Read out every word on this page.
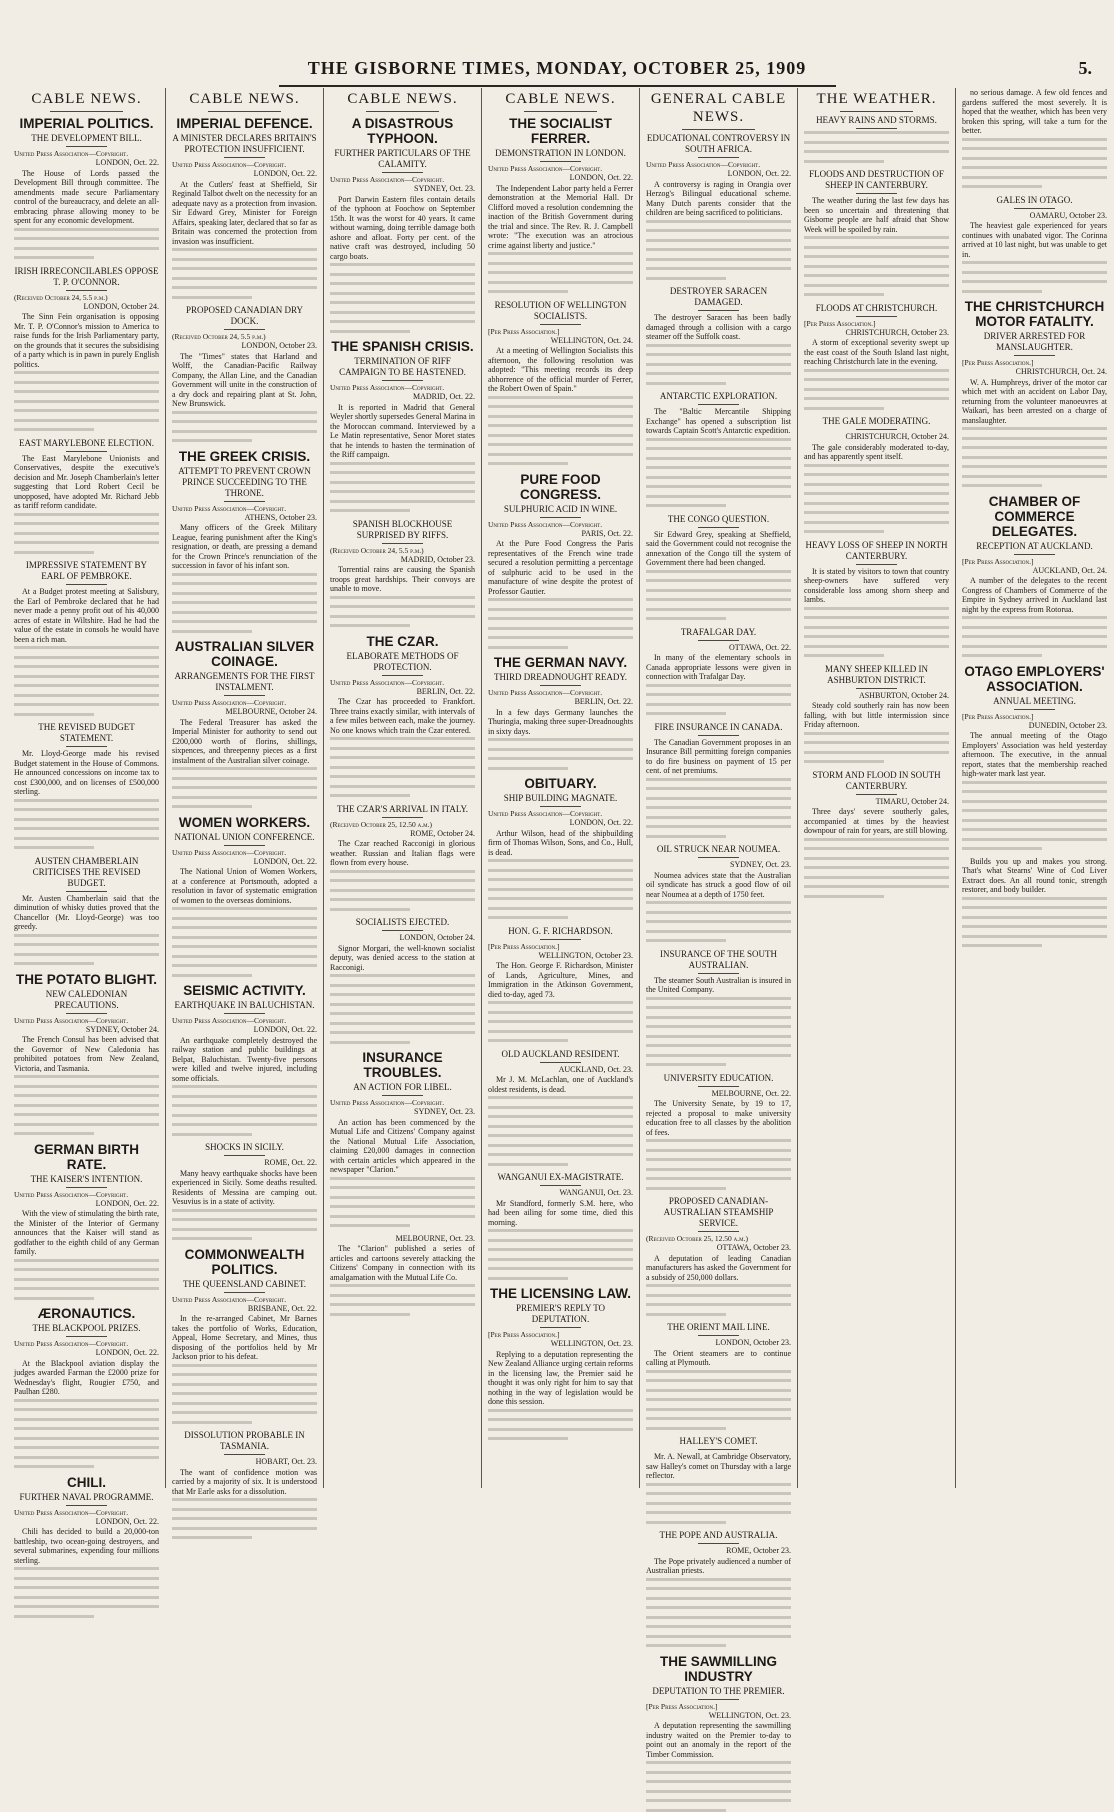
THE GISBORNE TIMES, MONDAY, OCTOBER 25, 1909	5.
CABLE NEWS.
IMPERIAL POLITICS.
THE DEVELOPMENT BILL.
United Press Association—Copyright.
LONDON, Oct. 22.
The House of Lords passed the Development Bill through committee. The amendments made secure Parliamentary control of the bureaucracy, and delete an all-embracing phrase allowing money to be spent for any economic development.
IRISH IRRECONCILABLES OPPOSE T. P. O'CONNOR.
(Received October 24, 5.5 p.m.)
LONDON, October 24.
The Sinn Fein organisation is opposing Mr. T. P. O'Connor's mission to America to raise funds for the Irish Parliamentary party, on the grounds that it secures the subsidising of a party which is in pawn in purely English politics.
EAST MARYLEBONE ELECTION.
The East Marylebone Unionists and Conservatives, despite the executive's decision and Mr. Joseph Chamberlain's letter suggesting that Lord Robert Cecil be unopposed, have adopted Mr. Richard Jebb as tariff reform candidate.
IMPRESSIVE STATEMENT BY EARL OF PEMBROKE.
At a Budget protest meeting at Salisbury, the Earl of Pembroke declared that he had never made a penny profit out of his 40,000 acres of estate in Wiltshire. Had he had the value of the estate in consols he would have been a rich man.
THE REVISED BUDGET STATEMENT.
Mr. Lloyd-George made his revised Budget statement in the House of Commons. He announced concessions on income tax to cost £300,000, and on licenses of £500,000 sterling.
AUSTEN CHAMBERLAIN CRITICISES THE REVISED BUDGET.
Mr. Austen Chamberlain said that the diminution of whisky duties proved that the Chancellor (Mr. Lloyd-George) was too greedy.
THE POTATO BLIGHT.
NEW CALEDONIAN PRECAUTIONS.
United Press Association—Copyright.
SYDNEY, October 24.
The French Consul has been advised that the Governor of New Caledonia has prohibited potatoes from New Zealand, Victoria, and Tasmania.
GERMAN BIRTH RATE.
THE KAISER'S INTENTION.
United Press Association—Copyright.
LONDON, Oct. 22.
With the view of stimulating the birth rate, the Minister of the Interior of Germany announces that the Kaiser will stand as godfather to the eighth child of any German family.
ÆRONAUTICS.
THE BLACKPOOL PRIZES.
United Press Association—Copyright.
LONDON, Oct. 22.
At the Blackpool aviation display the judges awarded Farman the £2000 prize for Wednesday's flight, Rougier £750, and Paulhan £280.
CHILI.
FURTHER NAVAL PROGRAMME.
United Press Association—Copyright.
LONDON, Oct. 22.
Chili has decided to build a 20,000-ton battleship, two ocean-going destroyers, and several submarines, expending four millions sterling.
CABLE NEWS.
IMPERIAL DEFENCE.
A MINISTER DECLARES BRITAIN'S PROTECTION INSUFFICIENT.
United Press Association—Copyright.
LONDON, Oct. 22.
At the Cutlers' feast at Sheffield, Sir Reginald Talbot dwelt on the necessity for an adequate navy as a protection from invasion. Sir Edward Grey, Minister for Foreign Affairs, speaking later, declared that so far as Britain was concerned the protection from invasion was insufficient.
PROPOSED CANADIAN DRY DOCK.
(Received October 24, 5.5 p.m.)
LONDON, October 23.
The "Times" states that Harland and Wolff, the Canadian-Pacific Railway Company, the Allan Line, and the Canadian Government will unite in the construction of a dry dock and repairing plant at St. John, New Brunswick.
THE GREEK CRISIS.
ATTEMPT TO PREVENT CROWN PRINCE SUCCEEDING TO THE THRONE.
United Press Association—Copyright.
ATHENS, October 23.
Many officers of the Greek Military League, fearing punishment after the King's resignation, or death, are pressing a demand for the Crown Prince's renunciation of the succession in favor of his infant son.
AUSTRALIAN SILVER COINAGE.
ARRANGEMENTS FOR THE FIRST INSTALMENT.
United Press Association—Copyright.
MELBOURNE, October 24.
The Federal Treasurer has asked the Imperial Minister for authority to send out £200,000 worth of florins, shillings, sixpences, and threepenny pieces as a first instalment of the Australian silver coinage.
WOMEN WORKERS.
NATIONAL UNION CONFERENCE.
United Press Association—Copyright.
LONDON, Oct. 22.
The National Union of Women Workers, at a conference at Portsmouth, adopted a resolution in favor of systematic emigration of women to the overseas dominions.
SEISMIC ACTIVITY.
EARTHQUAKE IN BALUCHISTAN.
United Press Association—Copyright.
LONDON, Oct. 22.
An earthquake completely destroyed the railway station and public buildings at Belpat, Baluchistan. Twenty-five persons were killed and twelve injured, including some officials.
SHOCKS IN SICILY.
ROME, Oct. 22.
Many heavy earthquake shocks have been experienced in Sicily. Some deaths resulted. Residents of Messina are camping out. Vesuvius is in a state of activity.
COMMONWEALTH POLITICS.
THE QUEENSLAND CABINET.
United Press Association—Copyright.
BRISBANE, Oct. 22.
In the re-arranged Cabinet, Mr Barnes takes the portfolio of Works, Education, Appeal, Home Secretary, and Mines, thus disposing of the portfolios held by Mr Jackson prior to his defeat.
DISSOLUTION PROBABLE IN TASMANIA.
HOBART, Oct. 23.
The want of confidence motion was carried by a majority of six. It is understood that Mr Earle asks for a dissolution.
CABLE NEWS.
A DISASTROUS TYPHOON.
FURTHER PARTICULARS OF THE CALAMITY.
United Press Association—Copyright.
SYDNEY, Oct. 23.
Port Darwin Eastern files contain details of the typhoon at Foochow on September 15th. It was the worst for 40 years. It came without warning, doing terrible damage both ashore and afloat. Forty per cent. of the native craft was destroyed, including 50 cargo boats.
THE SPANISH CRISIS.
TERMINATION OF RIFF CAMPAIGN TO BE HASTENED.
United Press Association—Copyright.
MADRID, Oct. 22.
It is reported in Madrid that General Weyler shortly supersedes General Marina in the Moroccan command. Interviewed by a Le Matin representative, Senor Moret states that he intends to hasten the termination of the Riff campaign.
SPANISH BLOCKHOUSE SURPRISED BY RIFFS.
(Received October 24, 5.5 p.m.)
MADRID, October 23.
Torrential rains are causing the Spanish troops great hardships. Their convoys are unable to move.
THE CZAR.
ELABORATE METHODS OF PROTECTION.
United Press Association—Copyright.
BERLIN, Oct. 22.
The Czar has proceeded to Frankfort. Three trains exactly similar, with intervals of a few miles between each, make the journey. No one knows which train the Czar entered.
THE CZAR'S ARRIVAL IN ITALY.
(Received October 25, 12.50 a.m.)
ROME, October 24.
The Czar reached Racconigi in glorious weather. Russian and Italian flags were flown from every house.
SOCIALISTS EJECTED.
LONDON, October 24.
Signor Morgari, the well-known socialist deputy, was denied access to the station at Racconigi.
INSURANCE TROUBLES.
AN ACTION FOR LIBEL.
United Press Association—Copyright.
SYDNEY, Oct. 23.
An action has been commenced by the Mutual Life and Citizens' Company against the National Mutual Life Association, claiming £20,000 damages in connection with certain articles which appeared in the newspaper "Clarion."
MELBOURNE, Oct. 23.
The "Clarion" published a series of articles and cartoons severely attacking the Citizens' Company in connection with its amalgamation with the Mutual Life Co.
CABLE NEWS.
THE SOCIALIST FERRER.
DEMONSTRATION IN LONDON.
United Press Association—Copyright.
LONDON, Oct. 22.
The Independent Labor party held a Ferrer demonstration at the Memorial Hall. Dr Clifford moved a resolution condemning the inaction of the British Government during the trial and since. The Rev. R. J. Campbell wrote: "The execution was an atrocious crime against liberty and justice."
RESOLUTION OF WELLINGTON SOCIALISTS.
[Per Press Association.]
WELLINGTON, Oct. 24.
At a meeting of Wellington Socialists this afternoon, the following resolution was adopted: "This meeting records its deep abhorrence of the official murder of Ferrer, the Robert Owen of Spain."
PURE FOOD CONGRESS.
SULPHURIC ACID IN WINE.
United Press Association—Copyright.
PARIS, Oct. 22.
At the Pure Food Congress the Paris representatives of the French wine trade secured a resolution permitting a percentage of sulphuric acid to be used in the manufacture of wine despite the protest of Professor Gautier.
THE GERMAN NAVY.
THIRD DREADNOUGHT READY.
United Press Association—Copyright.
BERLIN, Oct. 22.
In a few days Germany launches the Thuringia, making three super-Dreadnoughts in sixty days.
OBITUARY.
SHIP BUILDING MAGNATE.
United Press Association—Copyright.
LONDON, Oct. 22.
Arthur Wilson, head of the shipbuilding firm of Thomas Wilson, Sons, and Co., Hull, is dead.
HON. G. F. RICHARDSON.
[Per Press Association.]
WELLINGTON, October 23.
The Hon. George F. Richardson, Minister of Lands, Agriculture, Mines, and Immigration in the Atkinson Government, died to-day, aged 73.
OLD AUCKLAND RESIDENT.
AUCKLAND, Oct. 23.
Mr J. M. McLachlan, one of Auckland's oldest residents, is dead.
WANGANUI EX-MAGISTRATE.
WANGANUI, Oct. 23.
Mr Standford, formerly S.M. here, who had been ailing for some time, died this morning.
THE LICENSING LAW.
PREMIER'S REPLY TO DEPUTATION.
[Per Press Association.]
WELLINGTON, Oct. 23.
Replying to a deputation representing the New Zealand Alliance urging certain reforms in the licensing law, the Premier said he thought it was only right for him to say that nothing in the way of legislation would be done this session.
GENERAL CABLE NEWS.
EDUCATIONAL CONTROVERSY IN SOUTH AFRICA.
United Press Association—Copyright.
LONDON, Oct. 22.
A controversy is raging in Orangia over Herzog's Bilingual educational scheme. Many Dutch parents consider that the children are being sacrificed to politicians.
DESTROYER SARACEN DAMAGED.
The destroyer Saracen has been badly damaged through a collision with a cargo steamer off the Suffolk coast.
ANTARCTIC EXPLORATION.
The "Baltic Mercantile Shipping Exchange" has opened a subscription list towards Captain Scott's Antarctic expedition.
THE CONGO QUESTION.
Sir Edward Grey, speaking at Sheffield, said the Government could not recognise the annexation of the Congo till the system of Government there had been changed.
TRAFALGAR DAY.
OTTAWA, Oct. 22.
In many of the elementary schools in Canada appropriate lessons were given in connection with Trafalgar Day.
FIRE INSURANCE IN CANADA.
The Canadian Government proposes in an Insurance Bill permitting foreign companies to do fire business on payment of 15 per cent. of net premiums.
OIL STRUCK NEAR NOUMEA.
SYDNEY, Oct. 23.
Noumea advices state that the Australian oil syndicate has struck a good flow of oil near Noumea at a depth of 1750 feet.
INSURANCE OF THE SOUTH AUSTRALIAN.
The steamer South Australian is insured in the United Company.
UNIVERSITY EDUCATION.
MELBOURNE, Oct. 22.
The University Senate, by 19 to 17, rejected a proposal to make university education free to all classes by the abolition of fees.
PROPOSED CANADIAN-AUSTRALIAN STEAMSHIP SERVICE.
(Received October 25, 12.50 a.m.)
OTTAWA, October 23.
A deputation of leading Canadian manufacturers has asked the Government for a subsidy of 250,000 dollars.
THE ORIENT MAIL LINE.
LONDON, October 23.
The Orient steamers are to continue calling at Plymouth.
HALLEY'S COMET.
Mr. A. Newall, at Cambridge Observatory, saw Halley's comet on Thursday with a large reflector.
THE POPE AND AUSTRALIA.
ROME, October 23.
The Pope privately audienced a number of Australian priests.
THE SAWMILLING INDUSTRY
DEPUTATION TO THE PREMIER.
[Per Press Association.]
WELLINGTON, Oct. 23.
A deputation representing the sawmilling industry waited on the Premier to-day to point out an anomaly in the report of the Timber Commission.
THE WEATHER.
HEAVY RAINS AND STORMS.
FLOODS AND DESTRUCTION OF SHEEP IN CANTERBURY.
The weather during the last few days has been so uncertain and threatening that Gisborne people are half afraid that Show Week will be spoiled by rain.
FLOODS AT CHRISTCHURCH.
[Per Press Association.]
CHRISTCHURCH, October 23.
A storm of exceptional severity swept up the east coast of the South Island last night, reaching Christchurch late in the evening.
THE GALE MODERATING.
CHRISTCHURCH, October 24.
The gale considerably moderated to-day, and has apparently spent itself.
HEAVY LOSS OF SHEEP IN NORTH CANTERBURY.
It is stated by visitors to town that country sheep-owners have suffered very considerable loss among shorn sheep and lambs.
MANY SHEEP KILLED IN ASHBURTON DISTRICT.
ASHBURTON, October 24.
Steady cold southerly rain has now been falling, with but little intermission since Friday afternoon.
STORM AND FLOOD IN SOUTH CANTERBURY.
TIMARU, October 24.
Three days' severe southerly gales, accompanied at times by the heaviest downpour of rain for years, are still blowing.
no serious damage. A few old fences and gardens suffered the most severely. It is hoped that the weather, which has been very broken this spring, will take a turn for the better.
GALES IN OTAGO.
OAMARU, October 23.
The heaviest gale experienced for years continues with unabated vigor. The Corinna arrived at 10 last night, but was unable to get in.
THE CHRISTCHURCH MOTOR FATALITY.
DRIVER ARRESTED FOR MANSLAUGHTER.
[Per Press Association.]
CHRISTCHURCH, Oct. 24.
W. A. Humphreys, driver of the motor car which met with an accident on Labor Day, returning from the volunteer manoeuvres at Waikari, has been arrested on a charge of manslaughter.
CHAMBER OF COMMERCE DELEGATES.
RECEPTION AT AUCKLAND.
[Per Press Association.]
AUCKLAND, Oct. 24.
A number of the delegates to the recent Congress of Chambers of Commerce of the Empire in Sydney arrived in Auckland last night by the express from Rotorua.
OTAGO EMPLOYERS' ASSOCIATION.
ANNUAL MEETING.
[Per Press Association.]
DUNEDIN, October 23.
The annual meeting of the Otago Employers' Association was held yesterday afternoon. The executive, in the annual report, states that the membership reached high-water mark last year.
Builds you up and makes you strong. That's what Stearns' Wine of Cod Liver Extract does. An all round tonic, strength restorer, and body builder.
